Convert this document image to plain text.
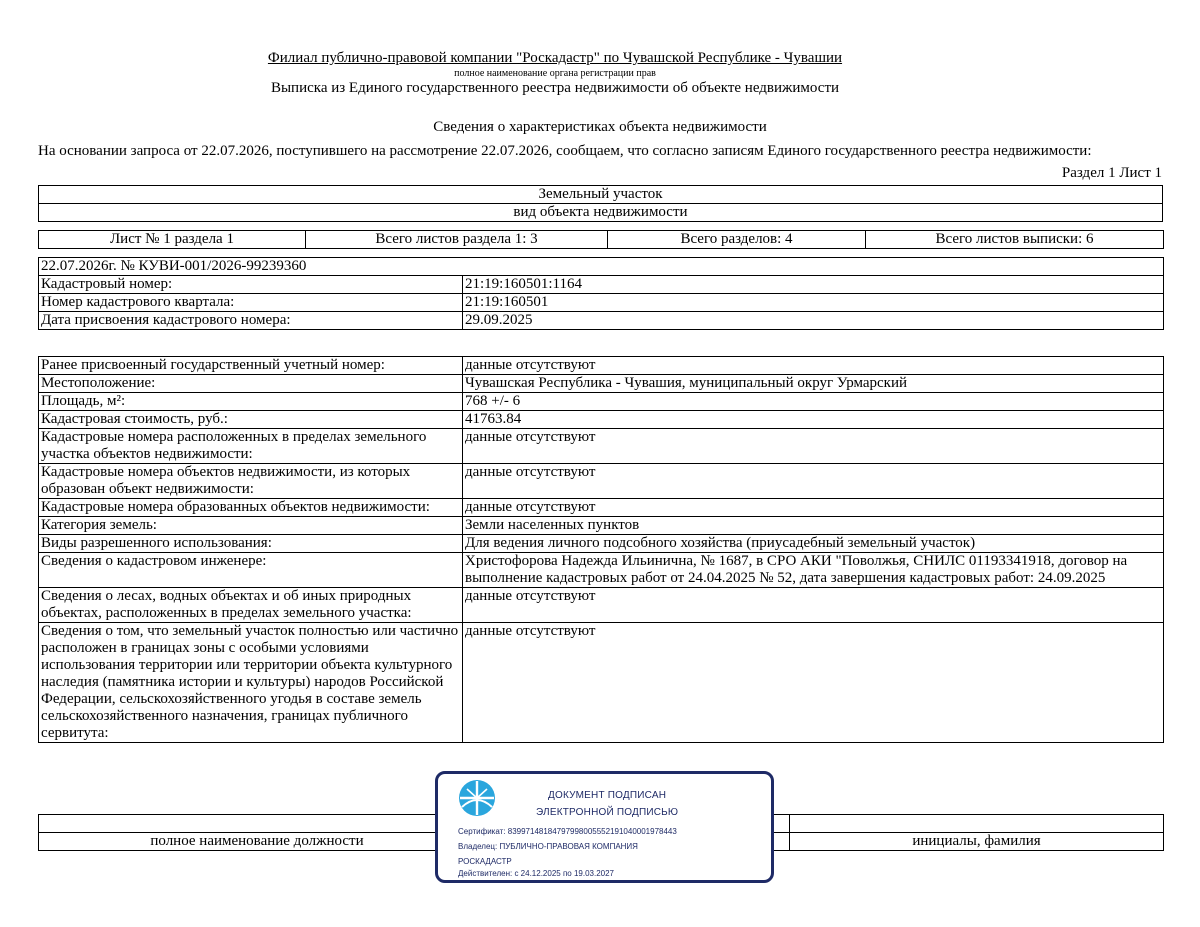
Филиал публично-правовой компании "Роскадастр" по Чувашской Республике - Чувашии
полное наименование органа регистрации прав
Выписка из Единого государственного реестра недвижимости об объекте недвижимости
Сведения о характеристиках объекта недвижимости
На основании запроса от 22.07.2026, поступившего на рассмотрение 22.07.2026, сообщаем, что согласно записям Единого государственного реестра недвижимости:
Раздел 1 Лист 1
Земельный участок
вид объекта недвижимости
Лист № 1 раздела 1	Всего листов раздела 1: 3	Всего разделов: 4	Всего листов выписки: 6
22.07.2026г. № КУВИ-001/2026-99239360	
Кадастровый номер:	21:19:160501:1164
Номер кадастрового квартала:	21:19:160501
Дата присвоения кадастрового номера:	29.09.2025
Ранее присвоенный государственный учетный номер:	данные отсутствуют
Местоположение:	Чувашская Республика - Чувашия, муниципальный округ Урмарский
Площадь, м²:	768 +/- 6
Кадастровая стоимость, руб.:	41763.84
Кадастровые номера расположенных в пределах земельного участка объектов недвижимости:	данные отсутствуют
Кадастровые номера объектов недвижимости, из которых образован объект недвижимости:	данные отсутствуют
Кадастровые номера образованных объектов недвижимости:	данные отсутствуют
Категория земель:	Земли населенных пунктов
Виды разрешенного использования:	Для ведения личного подсобного хозяйства (приусадебный земельный участок)
Сведения о кадастровом инженере:	Христофорова Надежда Ильинична, № 1687, в СРО АКИ "Поволжья, СНИЛС 01193341918, договор на выполнение кадастровых работ от 24.04.2025 № 52, дата завершения кадастровых работ: 24.09.2025
Сведения о лесах, водных объектах и об иных природных объектах, расположенных в пределах земельного участка:	данные отсутствуют
Сведения о том, что земельный участок полностью или частично расположен в границах зоны с особыми условиями использования территории или территории объекта культурного наследия (памятника истории и культуры) народов Российской Федерации, сельскохозяйственного угодья в составе земель сельскохозяйственного назначения, границах публичного сервитута:	данные отсутствуют

полное наименование должности		инициалы, фамилия
ДОКУМЕНТ ПОДПИСАН
ЭЛЕКТРОННОЙ ПОДПИСЬЮ
Сертификат: 83997148184797998005552191040001978443
Владелец: ПУБЛИЧНО-ПРАВОВАЯ КОМПАНИЯ
РОСКАДАСТР
Действителен: с 24.12.2025 по 19.03.2027
